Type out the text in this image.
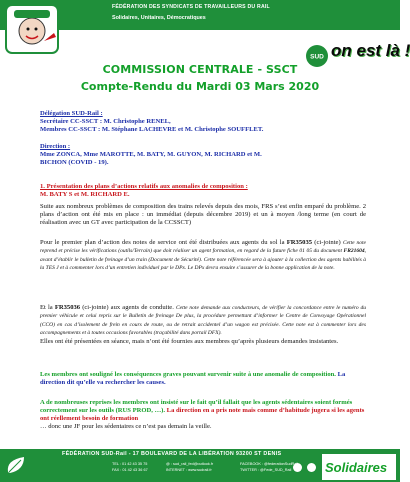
FÉDÉRATION DES SYNDICATS DE TRAVAILLEURS DU RAIL
Solidaires, Unitaires, Démocratiques
SUD on est là !
COMMISSION CENTRALE - SSCT
Compte-Rendu du Mardi 03 Mars 2020

Délégation SUD-Rail :

Secrétaire CC-SSCT : M. Christophe RENEL,

Membres CC-SSCT : M. Stéphane LACHEVRE et M. Christophe SOUFFLET.

Direction :

Mme ZONCA, Mme MAROTTE, M. BATY, M. GUYON, M. RICHARD et M.

BICHON (COVID - 19).

1. Présentation des plans d’actions relatifs aux anomalies de composition :

M. BATY S et M. RICHARD E.

Suite aux nombreux problèmes de composition des trains relevés depuis des mois, FRS s’est enfin emparé du problème. 2 plans d’action ont été mis en place : un immédiat (depuis décembre 2019) et un à moyen /long terme (en court de réalisation avec un GT avec participation de la CCSSCT)

Pour le premier plan d’action des notes de service ont été distribuées aux agents du sol la FR35035 (ci-jointe) Cette note reprend et précise les vérifications (outils/Terrain) que doit réaliser un agent formation, en regard de la future fiche 01 05 du document FR21604, avant d’établir le bulletin de freinage d’un train (Document de Sécurité). Cette note référencée sera à ajouter à la collection des agents habilités à la TES J et à commenter lors d’un entretien individuel par le DPx. Le DPx devra ensuite s’assurer de la bonne application de la note.

Et la FR35036 (ci-jointe) aux agents de conduite. Cette note demande aux conducteurs, de vérifier la concordance entre le numéro du premier véhicule et celui repris sur le Bulletin de freinage De plus, la procédure permettant d’informer le Centre de Convoyage Opérationnel (CCO) en cas d’isolement de frein en cours de route, ou de retrait accidentel d’un wagon est précisée. Cette note est à commenter lors des accompagnements et à toutes occasions favorables (traçabilité dans portail DFX).

Elles ont été présentées en séance, mais n’ont été fournies aux membres qu’après plusieurs demandes insistantes.

Les membres ont souligné les conséquences graves pouvant survenir suite à une anomalie de composition. La direction dit qu’elle va rechercher les causes.

A de nombreuses reprises les membres ont insisté sur le fait qu’il fallait que les agents sédentaires soient formés correctement sur les outils (RUS PROD, …). La direction en a pris note mais comme d’habitude jugera si les agents ont réellement besoin de formation

… donc une JF pour les sédentaires ce n’est pas demain la veille.

FÉDÉRATION SUD-Rail - 17 BOULEVARD DE LA LIBÉRATION 93200 ST DENIS
TEL : 01 42 43 35 75
FAX : 01 42 43 36 67
@ : sud_rail_fed@outlook.fr
INTERNET : www.sudrail.fr
FACEBOOK : @federationSudRail
TWITTER : @Fede_SUD_Rail	Solidaires
